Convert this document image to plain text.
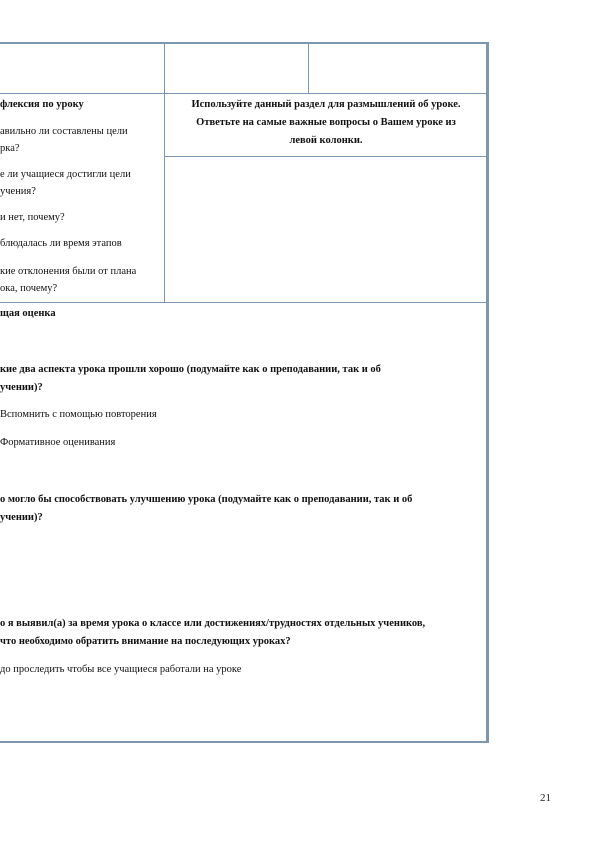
флексия по уроку
авильно ли составлены цели
рка?
е ли учащиеся достигли цели
учения?
и нет, почему?
блюдалась ли время этапов
кие отклонения были от плана
ока, почему?
Используйте данный раздел для размышлений об уроке.
Ответьте на самые важные вопросы о Вашем уроке из
левой колонки.
щая оценка
кие два аспекта урока прошли хорошо (подумайте как о преподавании, так и об
учении)?
Вспомнить с помощью повторения
Формативное оценивания
о могло бы способствовать улучшению урока (подумайте как о преподавании, так и об
учении)?
о я выявил(а) за время урока о классе или достижениях/трудностях отдельных учеников,
что необходимо обратить внимание на последующих уроках?
до проследить чтобы все учащиеся работали на уроке
21
